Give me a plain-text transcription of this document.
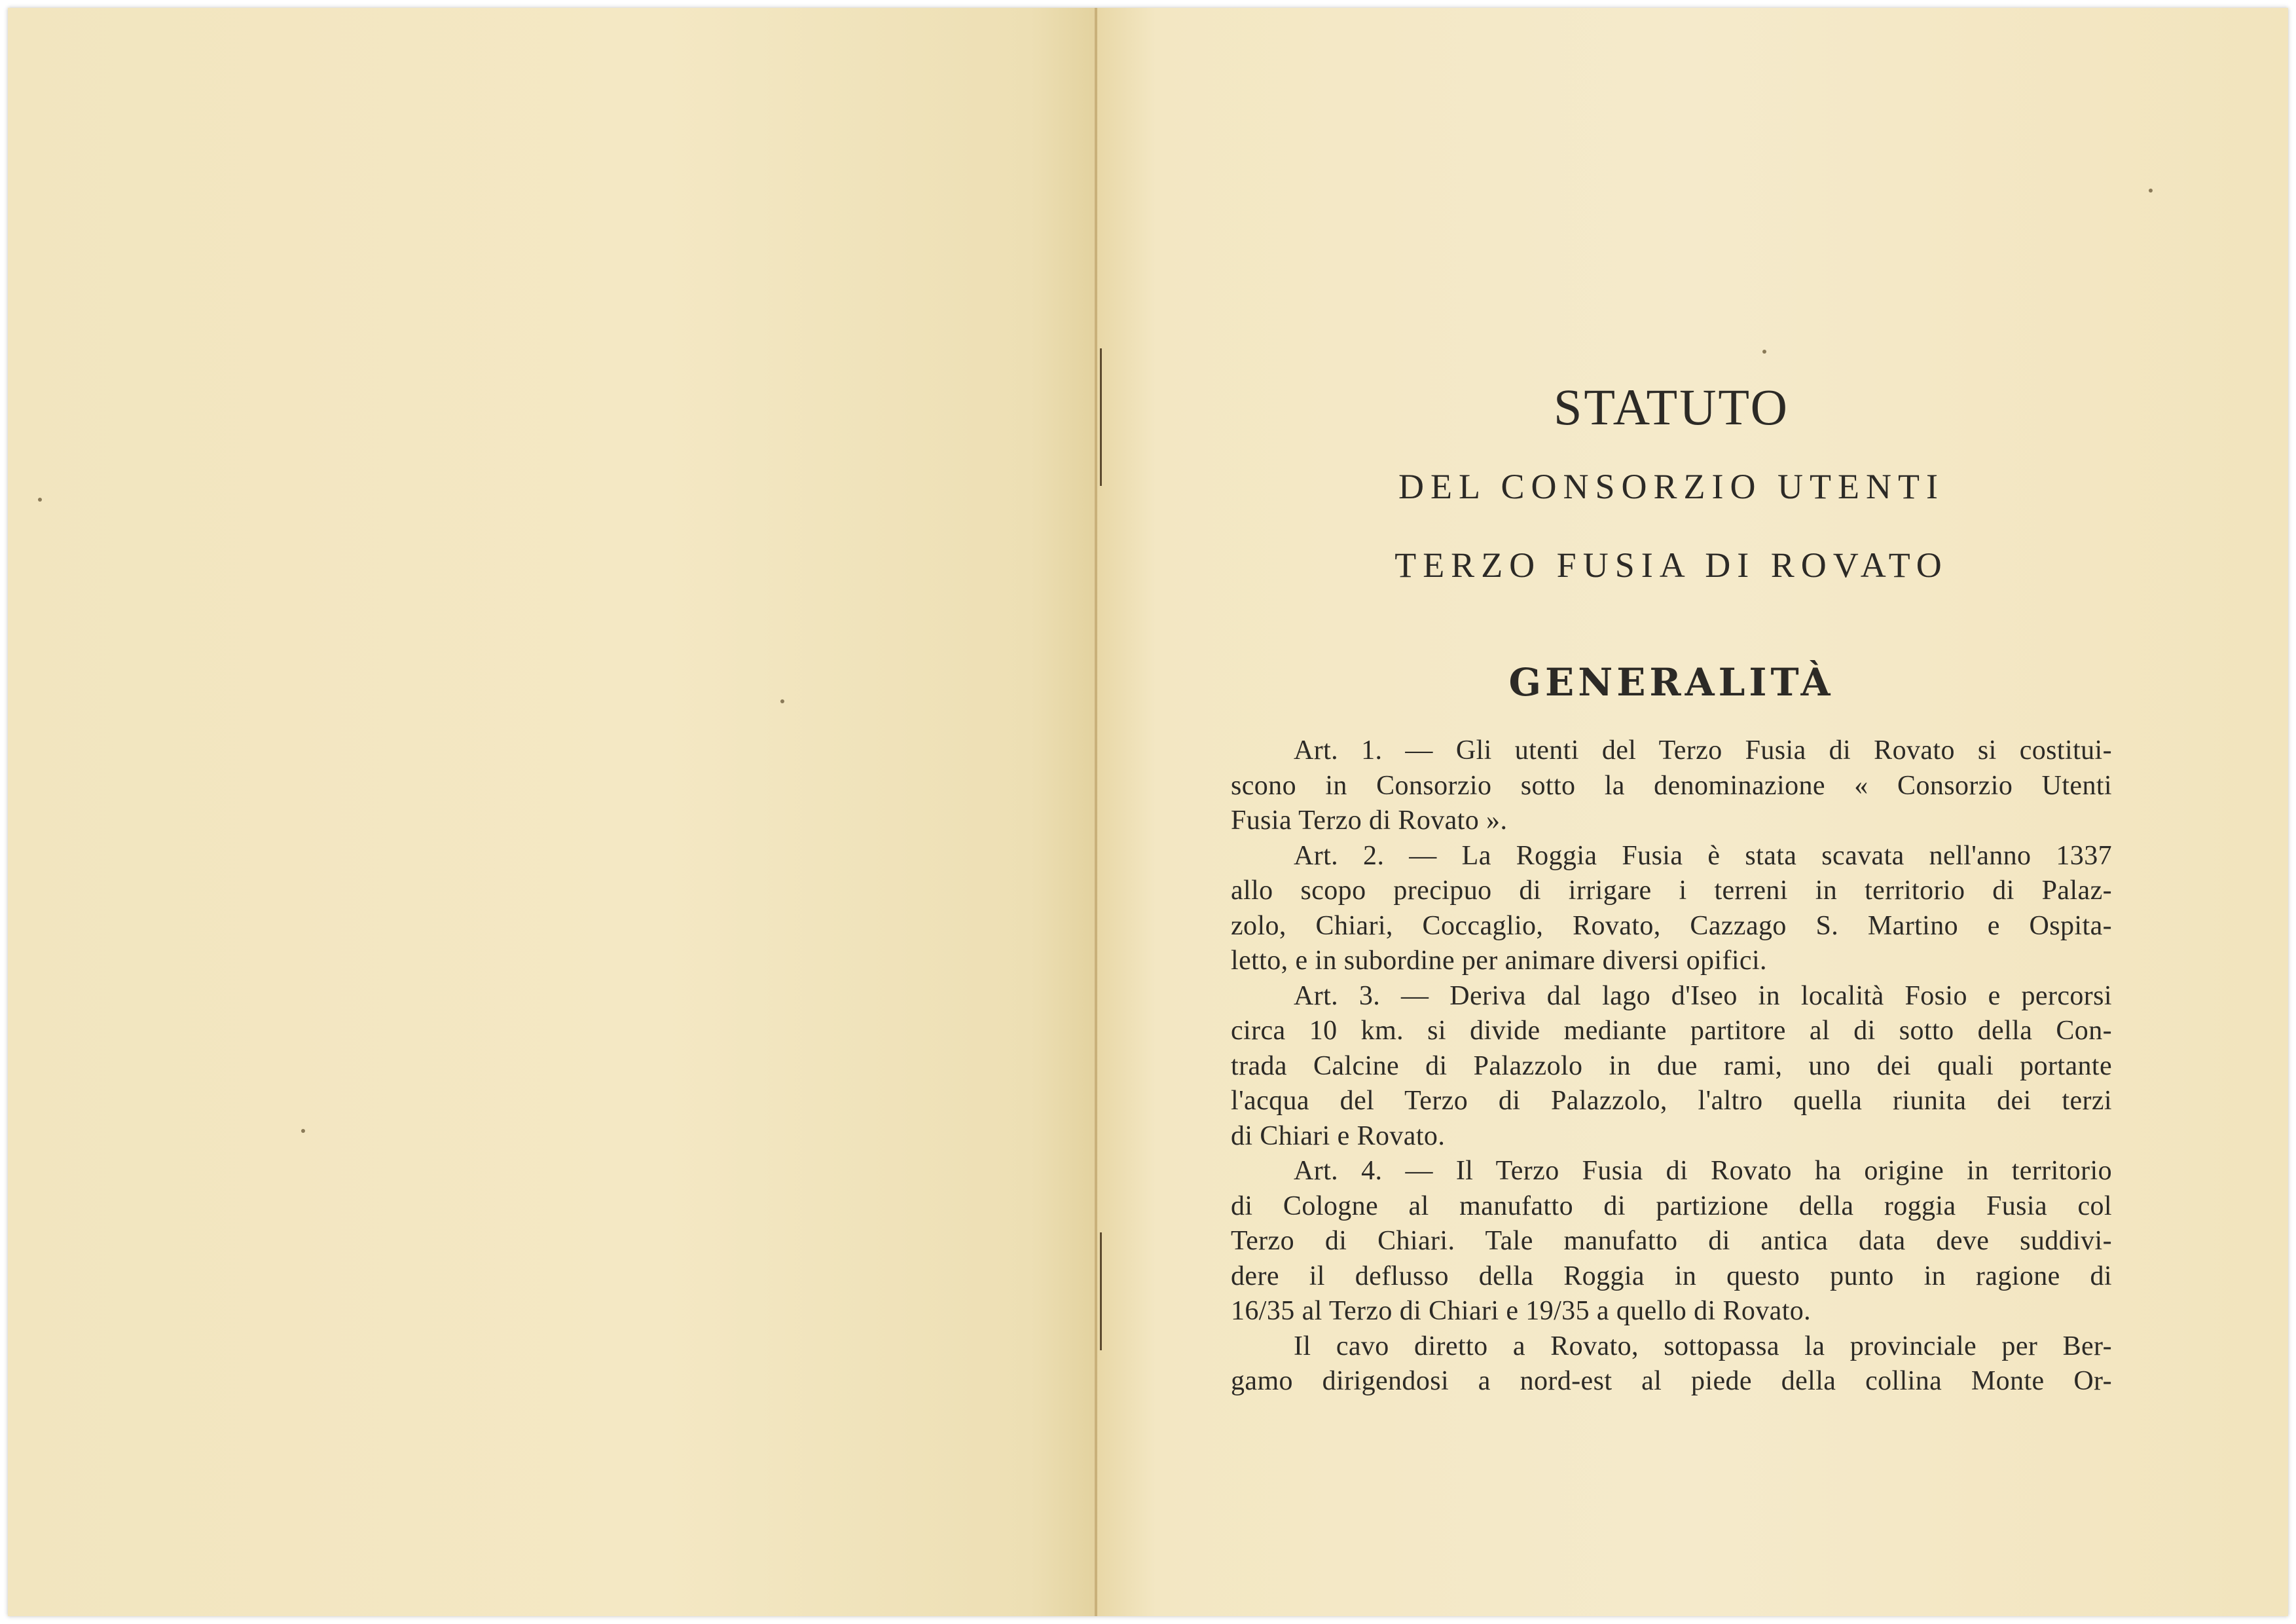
STATUTO
DEL CONSORZIO UTENTI
TERZO FUSIA DI ROVATO
GENERALITÀ
Art. 1. — Gli utenti del Terzo Fusia di Rovato si costitui-
scono in Consorzio sotto la denominazione « Consorzio Utenti
Fusia Terzo di Rovato ».
Art. 2. — La Roggia Fusia è stata scavata nell'anno 1337
allo scopo precipuo di irrigare i terreni in territorio di Palaz-
zolo, Chiari, Coccaglio, Rovato, Cazzago S. Martino e Ospita-
letto, e in subordine per animare diversi opifici.
Art. 3. — Deriva dal lago d'Iseo in località Fosio e percorsi
circa 10 km. si divide mediante partitore al di sotto della Con-
trada Calcine di Palazzolo in due rami, uno dei quali portante
l'acqua del Terzo di Palazzolo, l'altro quella riunita dei terzi
di Chiari e Rovato.
Art. 4. — Il Terzo Fusia di Rovato ha origine in territorio
di Cologne al manufatto di partizione della roggia Fusia col
Terzo di Chiari. Tale manufatto di antica data deve suddivi-
dere il deflusso della Roggia in questo punto in ragione di
16/35 al Terzo di Chiari e 19/35 a quello di Rovato.
Il cavo diretto a Rovato, sottopassa la provinciale per Ber-
gamo dirigendosi a nord-est al piede della collina Monte Or-
